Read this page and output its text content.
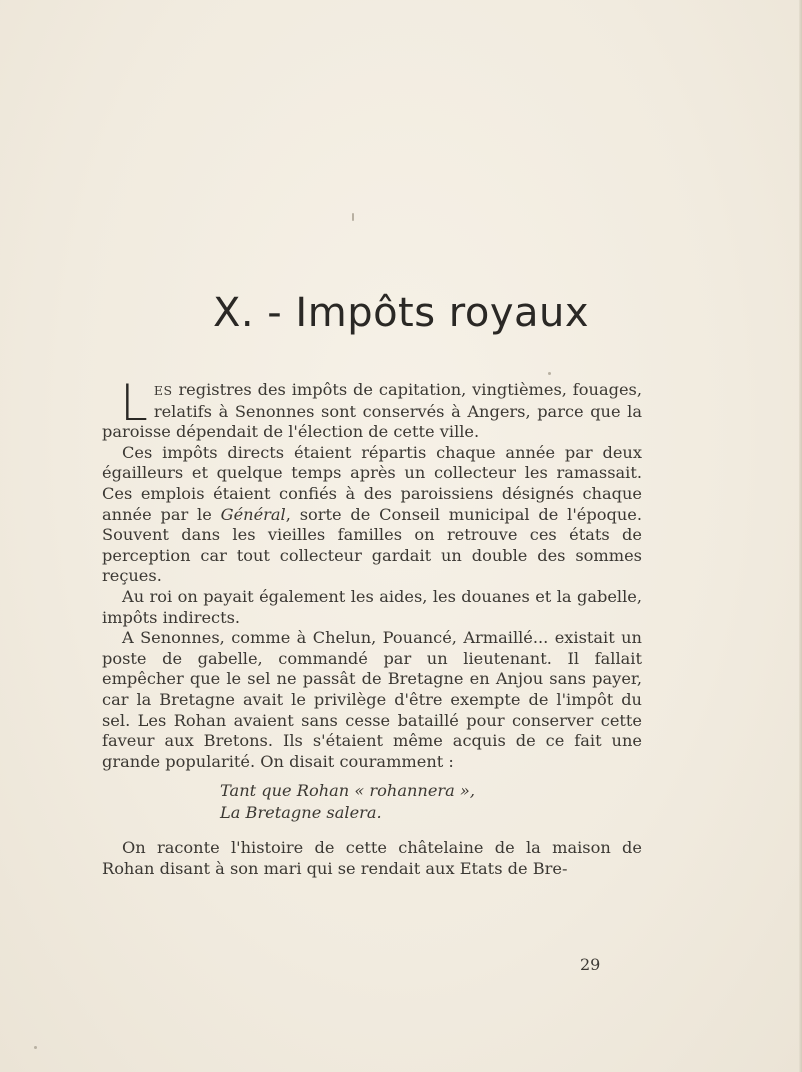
X. - Impôts royaux

LES registres des impôts de capitation, vingtièmes, fouages, relatifs à Senonnes sont conservés à Angers, parce que la paroisse dépendait de l'élection de cette ville.

Ces impôts directs étaient répartis chaque année par deux égailleurs et quelque temps après un collecteur les ramassait. Ces emplois étaient confiés à des paroissiens désignés chaque année par le Général, sorte de Conseil municipal de l'époque. Souvent dans les vieilles familles on retrouve ces états de perception car tout collecteur gardait un double des sommes reçues.

Au roi on payait également les aides, les douanes et la gabelle, impôts indirects.

A Senonnes, comme à Chelun, Pouancé, Armaillé... existait un poste de gabelle, commandé par un lieutenant. Il fallait empêcher que le sel ne passât de Bretagne en Anjou sans payer, car la Bretagne avait le privilège d'être exempte de l'impôt du sel. Les Rohan avaient sans cesse bataillé pour conserver cette faveur aux Bretons. Ils s'étaient même acquis de ce fait une grande popularité. On disait couramment :

Tant que Rohan « rohannera »,
La Bretagne salera.

On raconte l'histoire de cette châtelaine de la maison de Rohan disant à son mari qui se rendait aux Etats de Bre-

29
